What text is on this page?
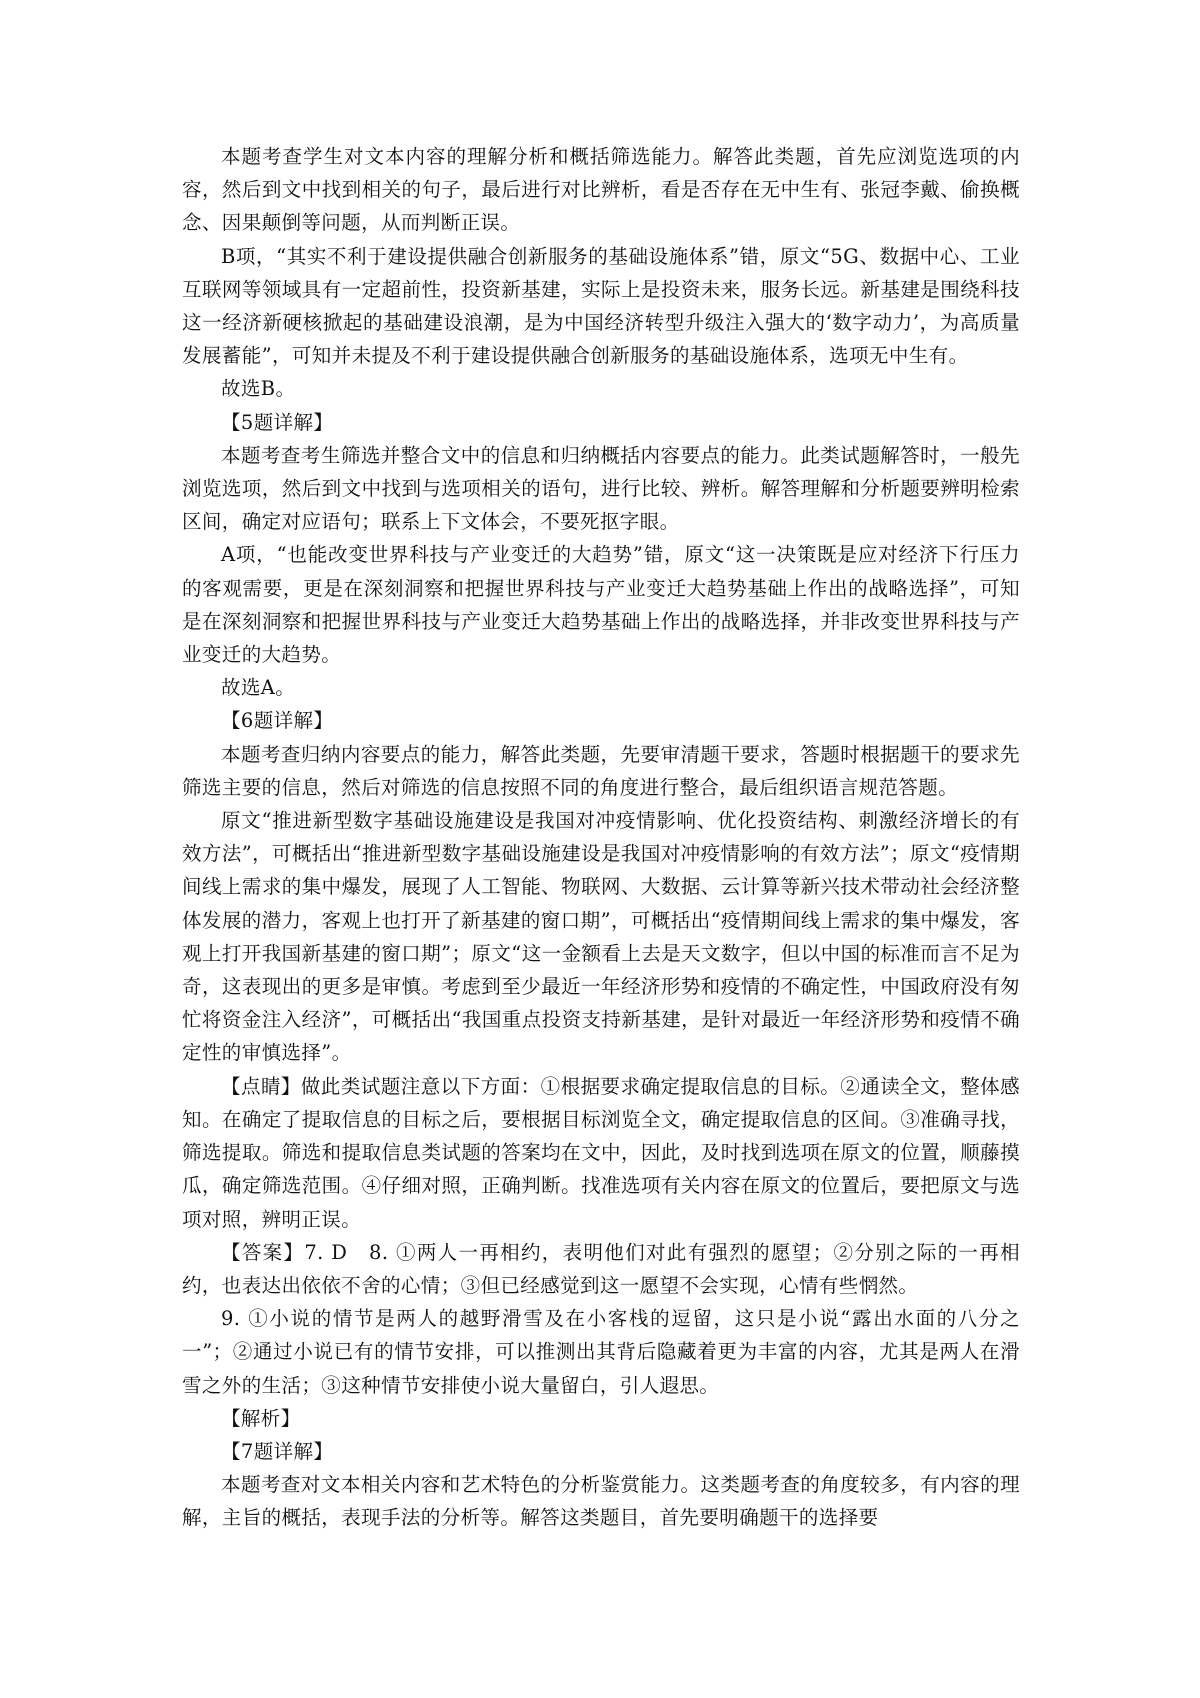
本题考查学生对文本内容的理解分析和概括筛选能力。解答此类题，首先应浏览选项的内容，然后到文中找到相关的句子，最后进行对比辨析，看是否存在无中生有、张冠李戴、偷换概念、因果颠倒等问题，从而判断正误。

B项，“其实不利于建设提供融合创新服务的基础设施体系”错，原文“5G、数据中心、工业互联网等领域具有一定超前性，投资新基建，实际上是投资未来，服务长远。新基建是围绕科技这一经济新硬核掀起的基础建设浪潮，是为中国经济转型升级注入强大的‘数字动力’，为高质量发展蓄能”，可知并未提及不利于建设提供融合创新服务的基础设施体系，选项无中生有。

故选B。

【5题详解】

本题考查考生筛选并整合文中的信息和归纳概括内容要点的能力。此类试题解答时，一般先浏览选项，然后到文中找到与选项相关的语句，进行比较、辨析。解答理解和分析题要辨明检索区间，确定对应语句；联系上下文体会，不要死抠字眼。

A项，“也能改变世界科技与产业变迁的大趋势”错，原文“这一决策既是应对经济下行压力的客观需要，更是在深刻洞察和把握世界科技与产业变迁大趋势基础上作出的战略选择”，可知是在深刻洞察和把握世界科技与产业变迁大趋势基础上作出的战略选择，并非改变世界科技与产业变迁的大趋势。

故选A。

【6题详解】

本题考查归纳内容要点的能力，解答此类题，先要审清题干要求，答题时根据题干的要求先筛选主要的信息，然后对筛选的信息按照不同的角度进行整合，最后组织语言规范答题。

原文“推进新型数字基础设施建设是我国对冲疫情影响、优化投资结构、刺激经济增长的有效方法”，可概括出“推进新型数字基础设施建设是我国对冲疫情影响的有效方法”；原文“疫情期间线上需求的集中爆发，展现了人工智能、物联网、大数据、云计算等新兴技术带动社会经济整体发展的潜力，客观上也打开了新基建的窗口期”，可概括出“疫情期间线上需求的集中爆发，客观上打开我国新基建的窗口期”；原文“这一金额看上去是天文数字，但以中国的标准而言不足为奇，这表现出的更多是审慎。考虑到至少最近一年经济形势和疫情的不确定性，中国政府没有匆忙将资金注入经济”，可概括出“我国重点投资支持新基建，是针对最近一年经济形势和疫情不确定性的审慎选择”。

【点睛】做此类试题注意以下方面：①根据要求确定提取信息的目标。②通读全文，整体感知。在确定了提取信息的目标之后，要根据目标浏览全文，确定提取信息的区间。③准确寻找，筛选提取。筛选和提取信息类试题的答案均在文中，因此，及时找到选项在原文的位置，顺藤摸瓜，确定筛选范围。④仔细对照，正确判断。找准选项有关内容在原文的位置后，要把原文与选项对照，辨明正误。

【答案】7. D　8. ①两人一再相约，表明他们对此有强烈的愿望；②分别之际的一再相约，也表达出依依不舍的心情；③但已经感觉到这一愿望不会实现，心情有些惘然。

9. ①小说的情节是两人的越野滑雪及在小客栈的逗留，这只是小说“露出水面的八分之一”；②通过小说已有的情节安排，可以推测出其背后隐藏着更为丰富的内容，尤其是两人在滑雪之外的生活；③这种情节安排使小说大量留白，引人遐思。

【解析】

【7题详解】

本题考查对文本相关内容和艺术特色的分析鉴赏能力。这类题考查的角度较多，有内容的理解，主旨的概括，表现手法的分析等。解答这类题目，首先要明确题干的选择要
